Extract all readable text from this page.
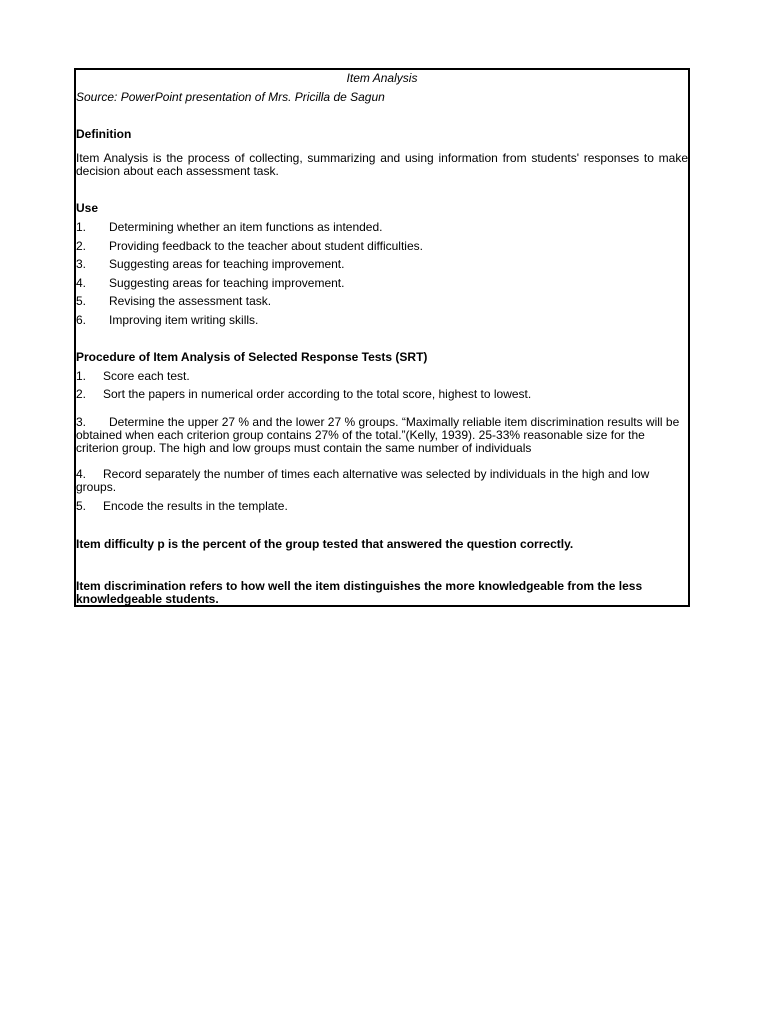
Item Analysis
Source: PowerPoint presentation of Mrs. Pricilla de Sagun
Definition
Item Analysis is the process of collecting, summarizing and using information from students' responses to make decision about each assessment task.
Use
1. Determining whether an item functions as intended.
2. Providing feedback to the teacher about student difficulties.
3. Suggesting areas for teaching improvement.
4. Suggesting areas for teaching improvement.
5. Revising the assessment task.
6. Improving item writing skills.
Procedure of Item Analysis of Selected Response Tests (SRT)
1. Score each test.
2. Sort the papers in numerical order according to the total score, highest to lowest.
3. Determine the upper 27 % and the lower 27 % groups. “Maximally reliable item discrimination results will be obtained when each criterion group contains 27% of the total.”(Kelly, 1939). 25-33% reasonable size for the criterion group. The high and low groups must contain the same number of individuals
4. Record separately the number of times each alternative was selected by individuals in the high and low groups.
5. Encode the results in the template.
Item difficulty p is the percent of the group tested that answered the question correctly.
Item discrimination refers to how well the item distinguishes the more knowledgeable from the less knowledgeable students.
